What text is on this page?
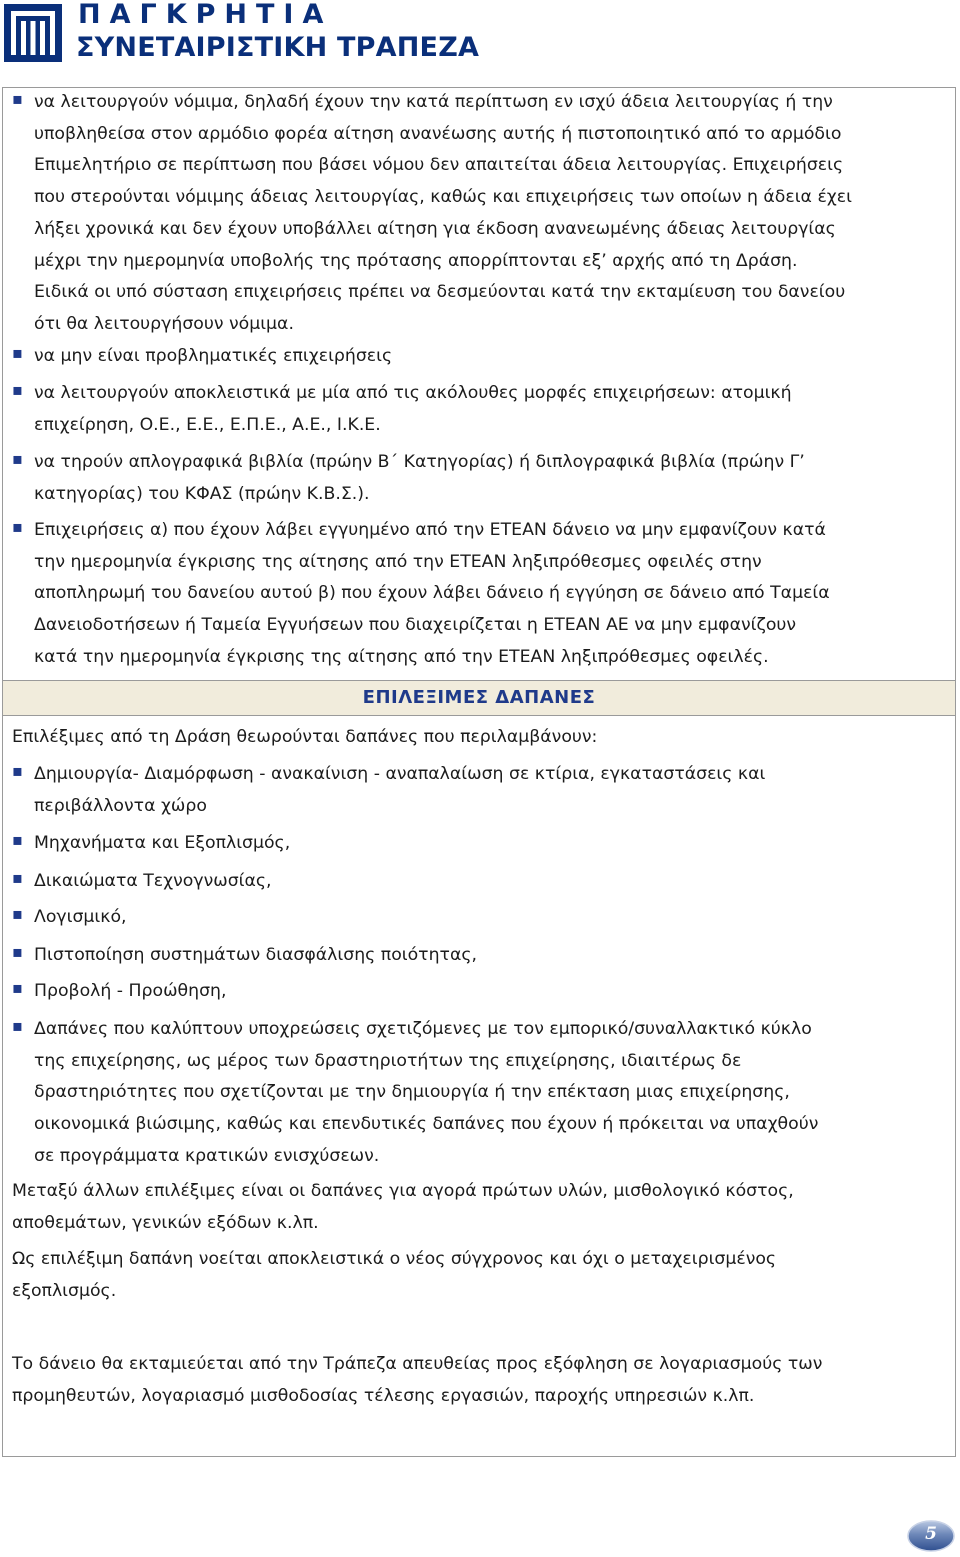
ΠΑΓΚΡΗΤΙΑ
ΣΥΝΕΤΑΙΡΙΣΤΙΚΗ ΤΡΑΠΕΖΑ
▪
να λειτουργούν νόμιμα, δηλαδή έχουν την κατά περίπτωση εν ισχύ άδεια λειτουργίας ή την
υποβληθείσα στον αρμόδιο φορέα αίτηση ανανέωσης αυτής ή πιστοποιητικό από το αρμόδιο
Επιμελητήριο σε περίπτωση που βάσει νόμου δεν απαιτείται άδεια λειτουργίας. Επιχειρήσεις
που στερούνται νόμιμης άδειας λειτουργίας, καθώς και επιχειρήσεις των οποίων η άδεια έχει
λήξει χρονικά και δεν έχουν υποβάλλει αίτηση για έκδοση ανανεωμένης άδειας λειτουργίας
μέχρι την ημερομηνία υποβολής της πρότασης απορρίπτονται εξ’ αρχής από τη Δράση.
Ειδικά οι υπό σύσταση επιχειρήσεις πρέπει να δεσμεύονται κατά την εκταμίευση του δανείου
ότι θα λειτουργήσουν νόμιμα.
▪
να μην είναι προβληματικές επιχειρήσεις
▪
να λειτουργούν αποκλειστικά με μία από τις ακόλουθες μορφές επιχειρήσεων: ατομική
επιχείρηση, Ο.Ε., Ε.Ε., Ε.Π.Ε., Α.Ε., Ι.Κ.Ε.
▪
να τηρούν απλογραφικά βιβλία (πρώην Β΄ Κατηγορίας) ή διπλογραφικά βιβλία (πρώην Γ’
κατηγορίας) του ΚΦΑΣ (πρώην Κ.Β.Σ.).
▪
Επιχειρήσεις α) που έχουν λάβει εγγυημένο από την ΕΤΕΑΝ δάνειο να μην εμφανίζουν κατά
την ημερομηνία έγκρισης της αίτησης από την ΕΤΕΑΝ ληξιπρόθεσμες οφειλές στην
αποπληρωμή του δανείου αυτού β) που έχουν λάβει δάνειο ή εγγύηση σε δάνειο από Ταμεία
Δανειοδοτήσεων ή Ταμεία Εγγυήσεων που διαχειρίζεται η ΕΤΕΑΝ ΑΕ να μην εμφανίζουν
κατά την ημερομηνία έγκρισης της αίτησης από την ΕΤΕΑΝ ληξιπρόθεσμες οφειλές.
ΕΠΙΛΕΞΙΜΕΣ ΔΑΠΑΝΕΣ
Επιλέξιμες από τη Δράση θεωρούνται δαπάνες που περιλαμβάνουν:
▪
Δημιουργία- Διαμόρφωση - ανακαίνιση - αναπαλαίωση σε κτίρια, εγκαταστάσεις και
περιβάλλοντα χώρο
▪
Μηχανήματα και Εξοπλισμός,
▪
Δικαιώματα Τεχνογνωσίας,
▪
Λογισμικό,
▪
Πιστοποίηση συστημάτων διασφάλισης ποιότητας,
▪
Προβολή - Προώθηση,
▪
Δαπάνες που καλύπτουν υποχρεώσεις σχετιζόμενες με τον εμπορικό/συναλλακτικό κύκλο
της επιχείρησης, ως μέρος των δραστηριοτήτων της επιχείρησης, ιδιαιτέρως δε
δραστηριότητες που σχετίζονται με την δημιουργία ή την επέκταση μιας επιχείρησης,
οικονομικά βιώσιμης, καθώς και επενδυτικές δαπάνες που έχουν ή πρόκειται να υπαχθούν
σε προγράμματα κρατικών ενισχύσεων.
Μεταξύ άλλων επιλέξιμες είναι οι δαπάνες για αγορά πρώτων υλών, μισθολογικό κόστος,
αποθεμάτων, γενικών εξόδων κ.λπ.
Ως επιλέξιμη δαπάνη νοείται αποκλειστικά ο νέος σύγχρονος και όχι ο μεταχειρισμένος
εξοπλισμός.
Το δάνειο θα εκταμιεύεται από την Τράπεζα απευθείας προς εξόφληση σε λογαριασμούς των
προμηθευτών, λογαριασμό μισθοδοσίας τέλεσης εργασιών, παροχής υπηρεσιών κ.λπ.
5
